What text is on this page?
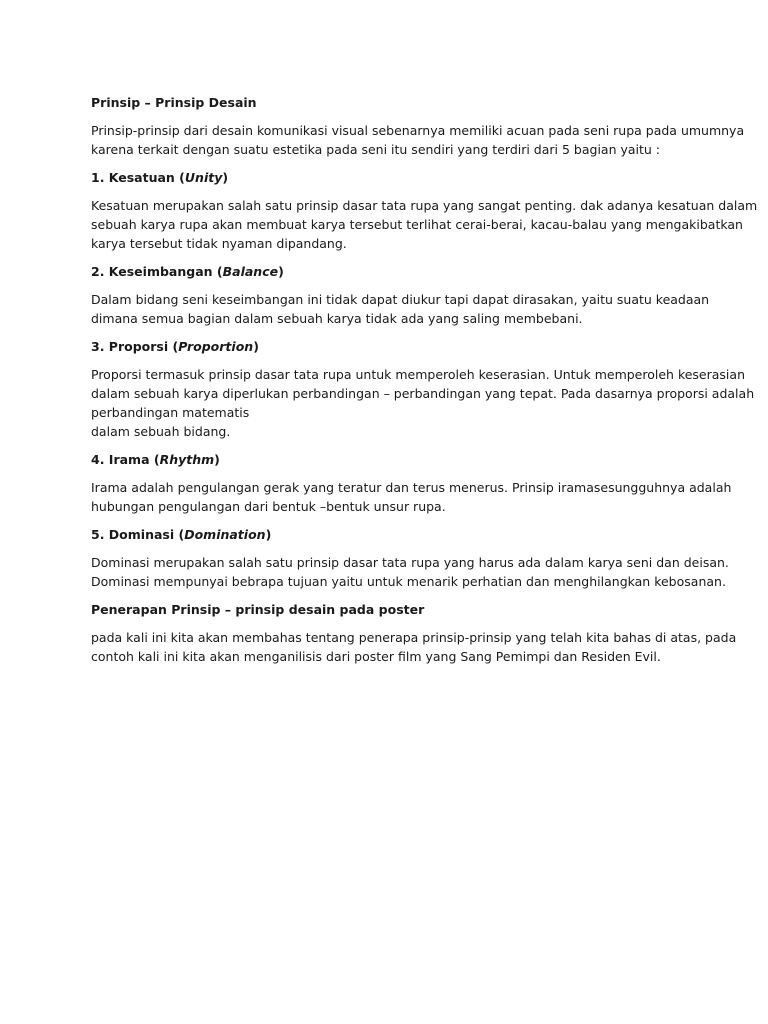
Prinsip – Prinsip Desain
Prinsip-prinsip dari desain komunikasi visual sebenarnya memiliki acuan pada seni rupa pada umumnya
karena terkait dengan suatu estetika pada seni itu sendiri yang terdiri dari 5 bagian yaitu :
1. Kesatuan (Unity)
Kesatuan merupakan salah satu prinsip dasar tata rupa yang sangat penting. dak adanya kesatuan dalam
sebuah karya rupa akan membuat karya tersebut terlihat cerai-berai, kacau-balau yang mengakibatkan
karya tersebut tidak nyaman dipandang.
2. Keseimbangan (Balance)
Dalam bidang seni keseimbangan ini tidak dapat diukur tapi dapat dirasakan, yaitu suatu keadaan
dimana semua bagian dalam sebuah karya tidak ada yang saling membebani.
3. Proporsi (Proportion)
Proporsi termasuk prinsip dasar tata rupa untuk memperoleh keserasian. Untuk memperoleh keserasian
dalam sebuah karya diperlukan perbandingan – perbandingan yang tepat. Pada dasarnya proporsi adalah
perbandingan matematis
dalam sebuah bidang.
4. Irama (Rhythm)
Irama adalah pengulangan gerak yang teratur dan terus menerus. Prinsip iramasesungguhnya adalah
hubungan pengulangan dari bentuk –bentuk unsur rupa.
5. Dominasi (Domination)
Dominasi merupakan salah satu prinsip dasar tata rupa yang harus ada dalam karya seni dan deisan.
Dominasi mempunyai bebrapa tujuan yaitu untuk menarik perhatian dan menghilangkan kebosanan.
Penerapan Prinsip – prinsip desain pada poster
pada kali ini kita akan membahas tentang penerapa prinsip-prinsip yang telah kita bahas di atas, pada
contoh kali ini kita akan menganilisis dari poster film yang Sang Pemimpi dan Residen Evil.
